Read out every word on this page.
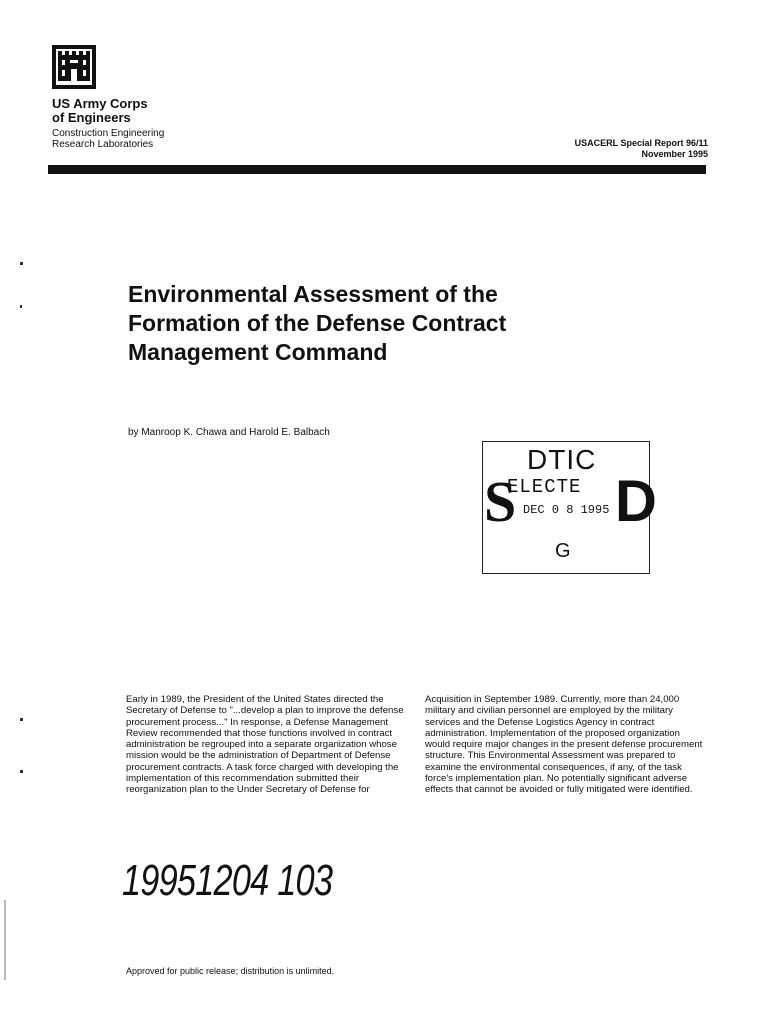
US Army Corps
of Engineers
Construction Engineering
Research Laboratories	USACERL Special Report 96/11
November 1995
Environmental Assessment of the
Formation of the Defense Contract
Management Command
by Manroop K. Chawa and Harold E. Balbach
DTIC
S
ELECTE D
DEC 0 8 1995
G
Early in 1989, the President of the United States directed the Secretary of Defense to "...develop a plan to improve the defense procurement process..." In response, a Defense Management Review recommended that those functions involved in contract administration be regrouped into a separate organization whose mission would be the administration of Department of Defense procurement contracts. A task force charged with developing the implementation of this recommendation submitted their reorganization plan to the Under Secretary of Defense for
Acquisition in September 1989. Currently, more than 24,000 military and civilian personnel are employed by the military services and the Defense Logistics Agency in contract administration. Implementation of the proposed organization would require major changes in the present defense procurement structure. This Environmental Assessment was prepared to examine the environmental consequences, if any, of the task force's implementation plan. No potentially significant adverse effects that cannot be avoided or fully mitigated were identified.
19951204 103
Approved for public release; distribution is unlimited.
